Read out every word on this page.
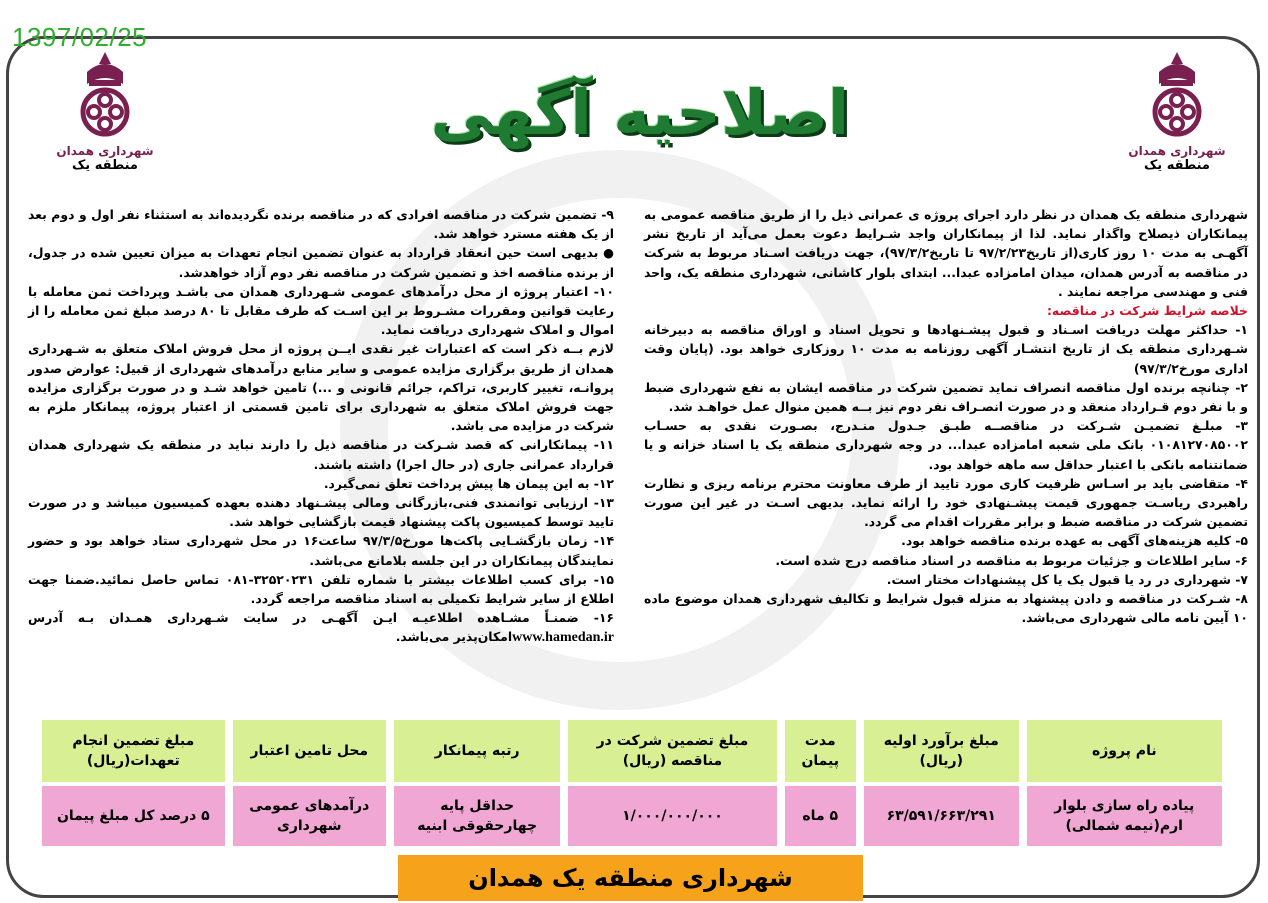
1397/02/25
شهرداری همدان
منطقه یک
شهرداری همدان
منطقه یک
اصلاحیه آگهی

شهرداری منطقه یک همدان در نظر دارد اجرای پروژه ی عمرانی ذیل را از طریق مناقصه عمومی به پیمانکاران ذیصلاح واگذار نماید. لذا از پیمانکاران واجد شـرایط دعوت بعمل می‌آید از تاریخ نشر آگهـی به مدت ۱۰ روز کاری(از تاریخ۹۷/۲/۲۳ تا تاریخ۹۷/۳/۲)، جهت دریافت اسـناد مربوط به شرکت در مناقصه به آدرس همدان، میدان امامزاده عبدا... ابتدای بلوار کاشانی، شهرداری منطقه یک، واحد فنی و مهندسی مراجعه نمایند .

خلاصه شرایط شرکت در مناقصه:

۱- حداکثر مهلت دریافت اسـناد و قبول پیشـنهادها و تحویل اسناد و اوراق مناقصه به دبیرخانه شـهرداری منطقه یک از تاریخ انتشـار آگهی روزنامه به مدت ۱۰ روزکاری خواهد بود. (پایان وقت اداری مورخ۹۷/۳/۲)

۲- چنانچه برنده اول مناقصه انصراف نماید تضمین شرکت در مناقصه ایشان به نفع شهرداری ضبط و با نفر دوم قـرارداد منعقد و در صورت انصـراف نفر دوم نیز بــه همین منوال عمل خواهـد شد.

۳- مبلـغ تضمیـن شـرکت در مناقصــه طبـق جـدول منـدرج، بصـورت نقدی به حسـاب ۰۱۰۸۱۲۷۰۸۵۰۰۲ بانک ملی شعبه امامزاده عبدا... در وجه شهرداری منطقه یک یا اسناد خزانه و یا ضمانتنامه بانکی با اعتبار حداقل سه ماهه خواهد بود.

۴- متقاضی باید بر اسـاس ظرفیت کاری مورد تایید از طرف معاونت محترم برنامه ریزی و نظارت راهبردی ریاسـت جمهوری قیمت پیشـنهادی خود را ارائه نماید. بدیهی اسـت در غیر این صورت تضمین شرکت در مناقصه ضبط و برابر مقررات اقدام می گردد.

۵- کلیه هزینه‌های آگهی به عهده برنده مناقصه خواهد بود.

۶- سایر اطلاعات و جزئیات مربوط به مناقصه در اسناد مناقصه درج شده است.

۷- شهرداری در رد یا قبول یک یا کل پیشنهادات مختار است.

۸- شـرکت در مناقصه و دادن پیشنهاد به منزله قبول شرایط و تکالیف شهرداری همدان موضوع ماده ۱۰ آیین نامه مالی شهرداری می‌باشد.

۹- تضمین شرکت در مناقصه افرادی که در مناقصه برنده نگردیده‌اند به استثناء نفر اول و دوم بعد از یک هفته مسترد خواهد شد.

● بدیهی است حین انعقاد قرارداد به عنوان تضمین انجام تعهدات به میزان تعیین شده در جدول، از برنده مناقصه اخذ و تضمین شرکت در مناقصه نفر دوم آزاد خواهدشد.

۱۰- اعتبار پروژه از محل درآمدهای عمومی شـهرداری همدان می باشـد وپرداخت ثمن معامله با رعایت قوانین ومقررات مشـروط بر این اسـت که طرف مقابل تا ۸۰ درصد مبلغ ثمن معامله را از اموال و املاک شهرداری دریافت نماید.

لازم بــه ذکر است که اعتبارات غیر نقدی ایــن پروژه از محل فروش املاک متعلق به شـهرداری همدان از طریق برگزاری مزایده عمومی و سایر منابع درآمدهای شهرداری از قبیل: عوارض صدور پروانـه، تغییر کاربری، تراکم، جرائم قانونی و ...) تامین خواهد شـد و در صورت برگزاری مزایده جهت فروش املاک متعلق به شهرداری برای تامین قسمتی از اعتبار پروژه، پیمانکار ملزم به شرکت در مزایده می باشد.

۱۱- پیمانکارانی که قصد شـرکت در مناقصه ذیل را دارند نباید در منطقه یک شهرداری همدان قرارداد عمرانی جاری (در حال اجرا) داشته باشند.

۱۲- به این پیمان ها پیش پرداخت تعلق نمی‌گیرد.

۱۳- ارزیابی توانمندی فنی،بازرگانی ومالی پیشـنهاد دهنده بعهده کمیسیون میباشد و در صورت تایید توسط کمیسیون پاکت پیشنهاد قیمت بازگشایی خواهد شد.

۱۴- زمان بازگشـایی پاکت‌ها مورخ۹۷/۳/۵ ساعت۱۶ در محل شهرداری ستاد خواهد بود و حضور نمایندگان پیمانکاران در این جلسه بلامانع می‌باشد.

۱۵- برای کسب اطلاعات بیشتر با شماره تلفن ۳۲۵۲۰۲۳۱-۰۸۱ تماس حاصل نمائید.ضمنا جهت اطلاع از سایر شرایط تکمیلی به اسناد مناقصه مراجعه گردد.

۱۶- ضمنـاً مشـاهده اطلاعیـه ایـن آگهـی در سایت شـهرداری همـدان بـه آدرس www.hamedan.irامکان‌پذیر می‌باشد.

نام پروژه	مبلغ برآورد اولیه (ریال)	مدت پیمان	مبلغ تضمین شرکت در مناقصه (ریال)	رتبه پیمانکار	محل تامین اعتبار	مبلغ تضمین انجام تعهدات(ریال)
پیاده راه سازی بلوار ارم(نیمه شمالی)	۶۳/۵۹۱/۶۶۳/۲۹۱	۵ ماه	۱/۰۰۰/۰۰۰/۰۰۰	حداقل پایه چهارحقوقی ابنیه	درآمدهای عمومی شهرداری	۵ درصد کل مبلغ پیمان
شهرداری منطقه یک همدان
